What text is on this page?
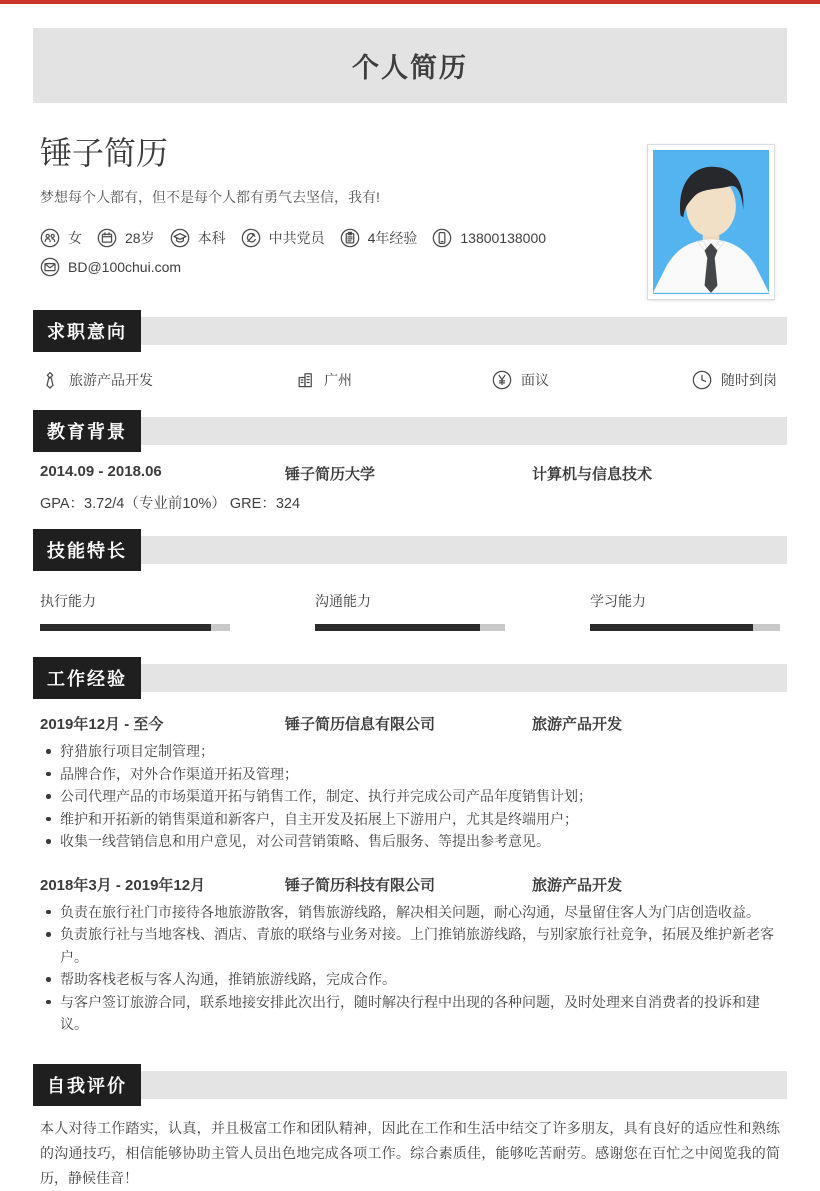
个人简历
锤子简历
梦想每个人都有，但不是每个人都有勇气去坚信，我有!
女	28岁	本科	中共党员	4年经验	13800138000
BD@100chui.com
求职意向
旅游产品开发	广州	面议	随时到岗
教育背景
2014.09 - 2018.06	锤子简历大学	计算机与信息技术
GPA：3.72/4（专业前10%） GRE：324
技能特长
执行能力	沟通能力	学习能力
工作经验
2019年12月 - 至今	锤子简历信息有限公司	旅游产品开发
狩猎旅行项目定制管理；
品牌合作，对外合作渠道开拓及管理；
公司代理产品的市场渠道开拓与销售工作，制定、执行并完成公司产品年度销售计划；
维护和开拓新的销售渠道和新客户，自主开发及拓展上下游用户，尤其是终端用户；
收集一线营销信息和用户意见，对公司营销策略、售后服务、等提出参考意见。
2018年3月 - 2019年12月	锤子简历科技有限公司	旅游产品开发
负责在旅行社门市接待各地旅游散客，销售旅游线路，解决相关问题，耐心沟通，尽量留住客人为门店创造收益。
负责旅行社与当地客栈、酒店、青旅的联络与业务对接。上门推销旅游线路，与别家旅行社竞争，拓展及维护新老客户。
帮助客栈老板与客人沟通，推销旅游线路，完成合作。
与客户签订旅游合同，联系地接安排此次出行，随时解决行程中出现的各种问题，及时处理来自消费者的投诉和建议。
自我评价
本人对待工作踏实，认真，并且极富工作和团队精神，因此在工作和生活中结交了许多朋友，具有良好的适应性和熟练的沟通技巧，相信能够协助主管人员出色地完成各项工作。综合素质佳，能够吃苦耐劳。感谢您在百忙之中阅览我的简历，静候佳音！
